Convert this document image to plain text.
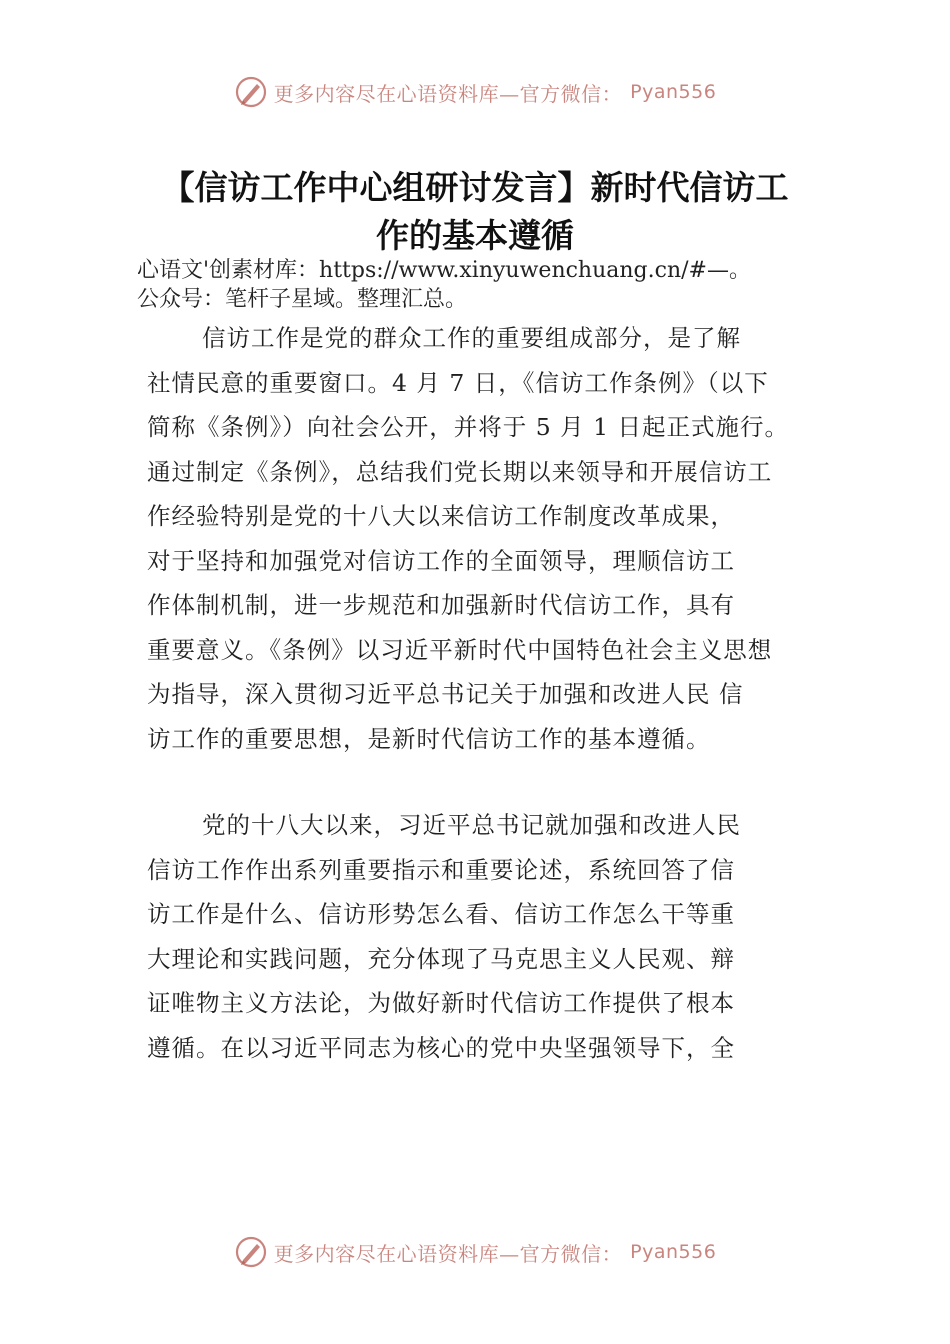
更多内容尽在心语资料库—官方微信： Pyan556
【信访工作中心组研讨发言】新时代信访工
作的基本遵循
心语文'创素材库：https://www.xinyuwenchuang.cn/#—。
公众号：笔杆子星域。整理汇总。
信访工作是党的群众工作的重要组成部分，是了解
社情民意的重要窗口。4 月 7 日，《信访工作条例》（以下
简称《条例》）向社会公开，并将于 5 月 1 日起正式施行。
通过制定《条例》，总结我们党长期以来领导和开展信访工
作经验特别是党的十八大以来信访工作制度改革成果，
对于坚持和加强党对信访工作的全面领导，理顺信访工
作体制机制，进一步规范和加强新时代信访工作，具有
重要意义。《条例》以习近平新时代中国特色社会主义思想
为指导，深入贯彻习近平总书记关于加强和改进人民 信
访工作的重要思想，是新时代信访工作的基本遵循。
党的十八大以来，习近平总书记就加强和改进人民
信访工作作出系列重要指示和重要论述，系统回答了信
访工作是什么、信访形势怎么看、信访工作怎么干等重
大理论和实践问题，充分体现了马克思主义人民观、辩
证唯物主义方法论，为做好新时代信访工作提供了根本
遵循。在以习近平同志为核心的党中央坚强领导下，全
更多内容尽在心语资料库—官方微信： Pyan556
